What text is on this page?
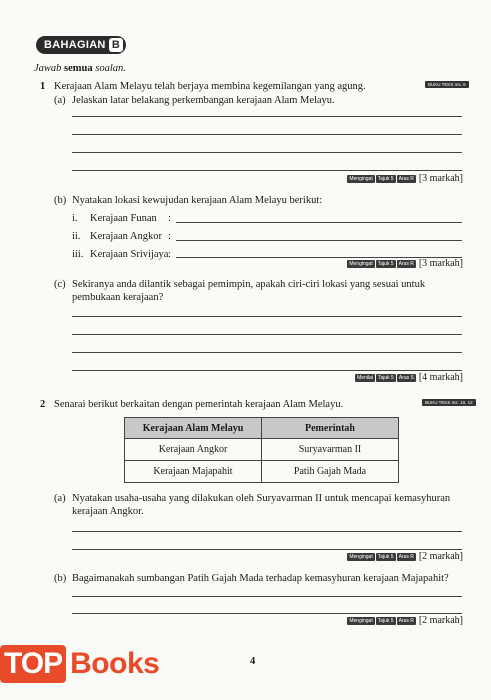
BAHAGIAN B
Jawab semua soalan.
1 Kerajaan Alam Melayu telah berjaya membina kegemilangan yang agung.	BUKU TEKS ms. 6
(a) Jelaskan latar belakang perkembangan kerajaan Alam Melayu.
Mengingat	Tajuk 5	Aras R [3 markah]
(b) Nyatakan lokasi kewujudan kerajaan Alam Melayu berikut:
i. Kerajaan Funan :
ii. Kerajaan Angkor :
iii. Kerajaan Srivijaya :
Mengingat	Tajuk 5	Aras R [3 markah]
(c) Sekiranya anda dilantik sebagai pemimpin, apakah ciri-ciri lokasi yang sesuai untuk
pembukaan kerajaan?
Menilai	Tajuk 5	Aras S [4 markah]
2 Senarai berikut berkaitan dengan pemerintah kerajaan Alam Melayu.	BUKU TEKS ms. 10, 12
Kerajaan Alam Melayu	Pemerintah
Kerajaan Angkor	Suryavarman II
Kerajaan Majapahit	Patih Gajah Mada
(a) Nyatakan usaha-usaha yang dilakukan oleh Suryavarman II untuk mencapai kemasyhuran
kerajaan Angkor.
Mengingat	Tajuk 5	Aras R [2 markah]
(b) Bagaimanakah sumbangan Patih Gajah Mada terhadap kemasyhuran kerajaan Majapahit?
Mengingat	Tajuk 5	Aras R [2 markah]
4
TOP Books
